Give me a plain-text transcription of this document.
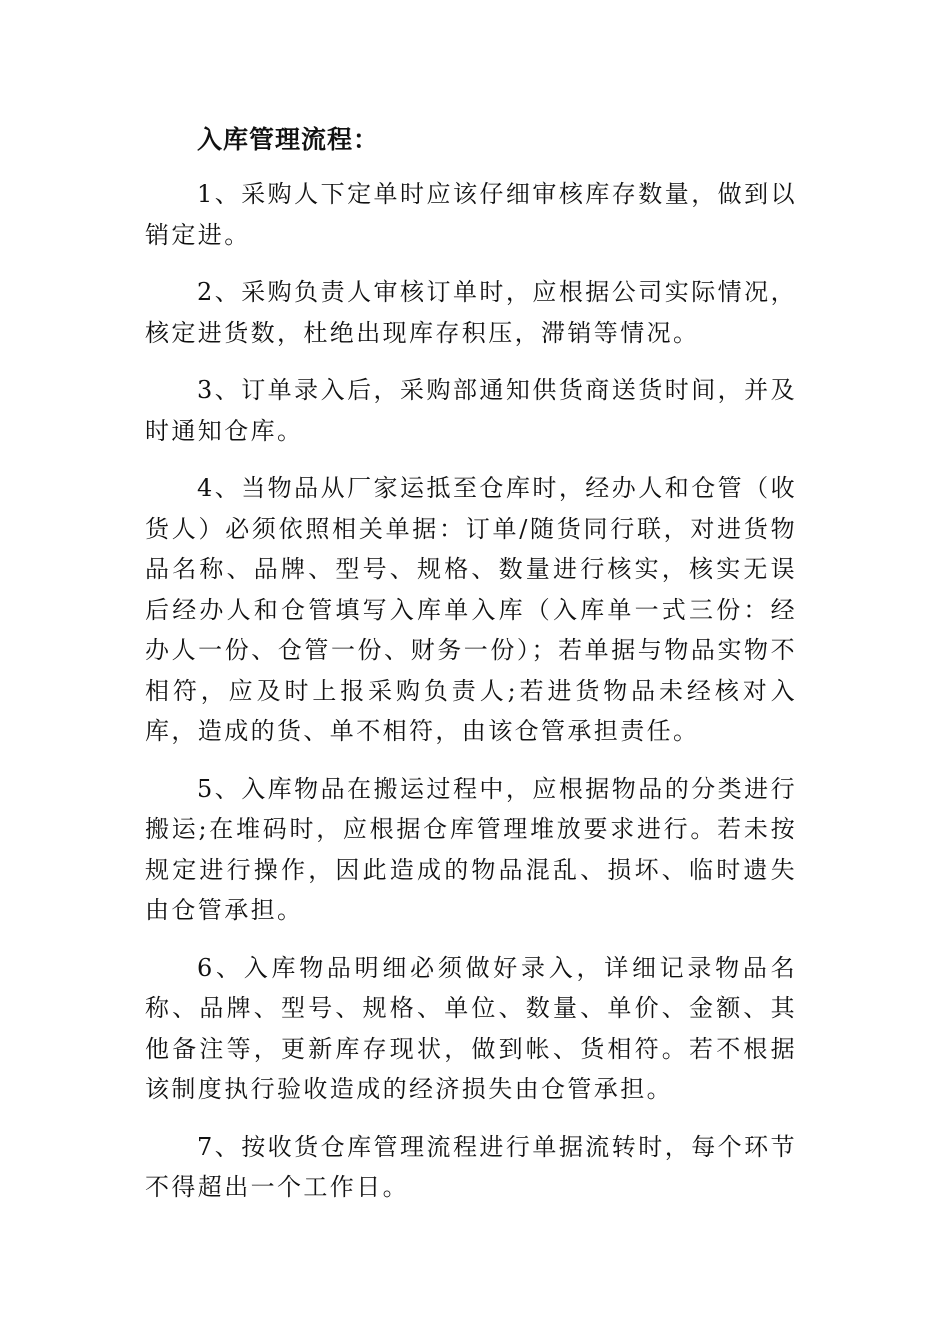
入库管理流程：

1、采购人下定单时应该仔细审核库存数量，做到以销定进。

2、采购负责人审核订单时，应根据公司实际情况，核定进货数，杜绝出现库存积压，滞销等情况。

3、订单录入后，采购部通知供货商送货时间，并及时通知仓库。

4、当物品从厂家运抵至仓库时，经办人和仓管（收货人）必须依照相关单据：订单/随货同行联，对进货物品名称、品牌、型号、规格、数量进行核实，核实无误后经办人和仓管填写入库单入库（入库单一式三份：经办人一份、仓管一份、财务一份）；若单据与物品实物不相符，应及时上报采购负责人;若进货物品未经核对入库，造成的货、单不相符，由该仓管承担责任。

5、入库物品在搬运过程中，应根据物品的分类进行搬运;在堆码时，应根据仓库管理堆放要求进行。若未按规定进行操作，因此造成的物品混乱、损坏、临时遗失由仓管承担。

6、入库物品明细必须做好录入，详细记录物品名称、品牌、型号、规格、单位、数量、单价、金额、其他备注等，更新库存现状，做到帐、货相符。若不根据该制度执行验收造成的经济损失由仓管承担。

7、按收货仓库管理流程进行单据流转时，每个环节不得超出一个工作日。
